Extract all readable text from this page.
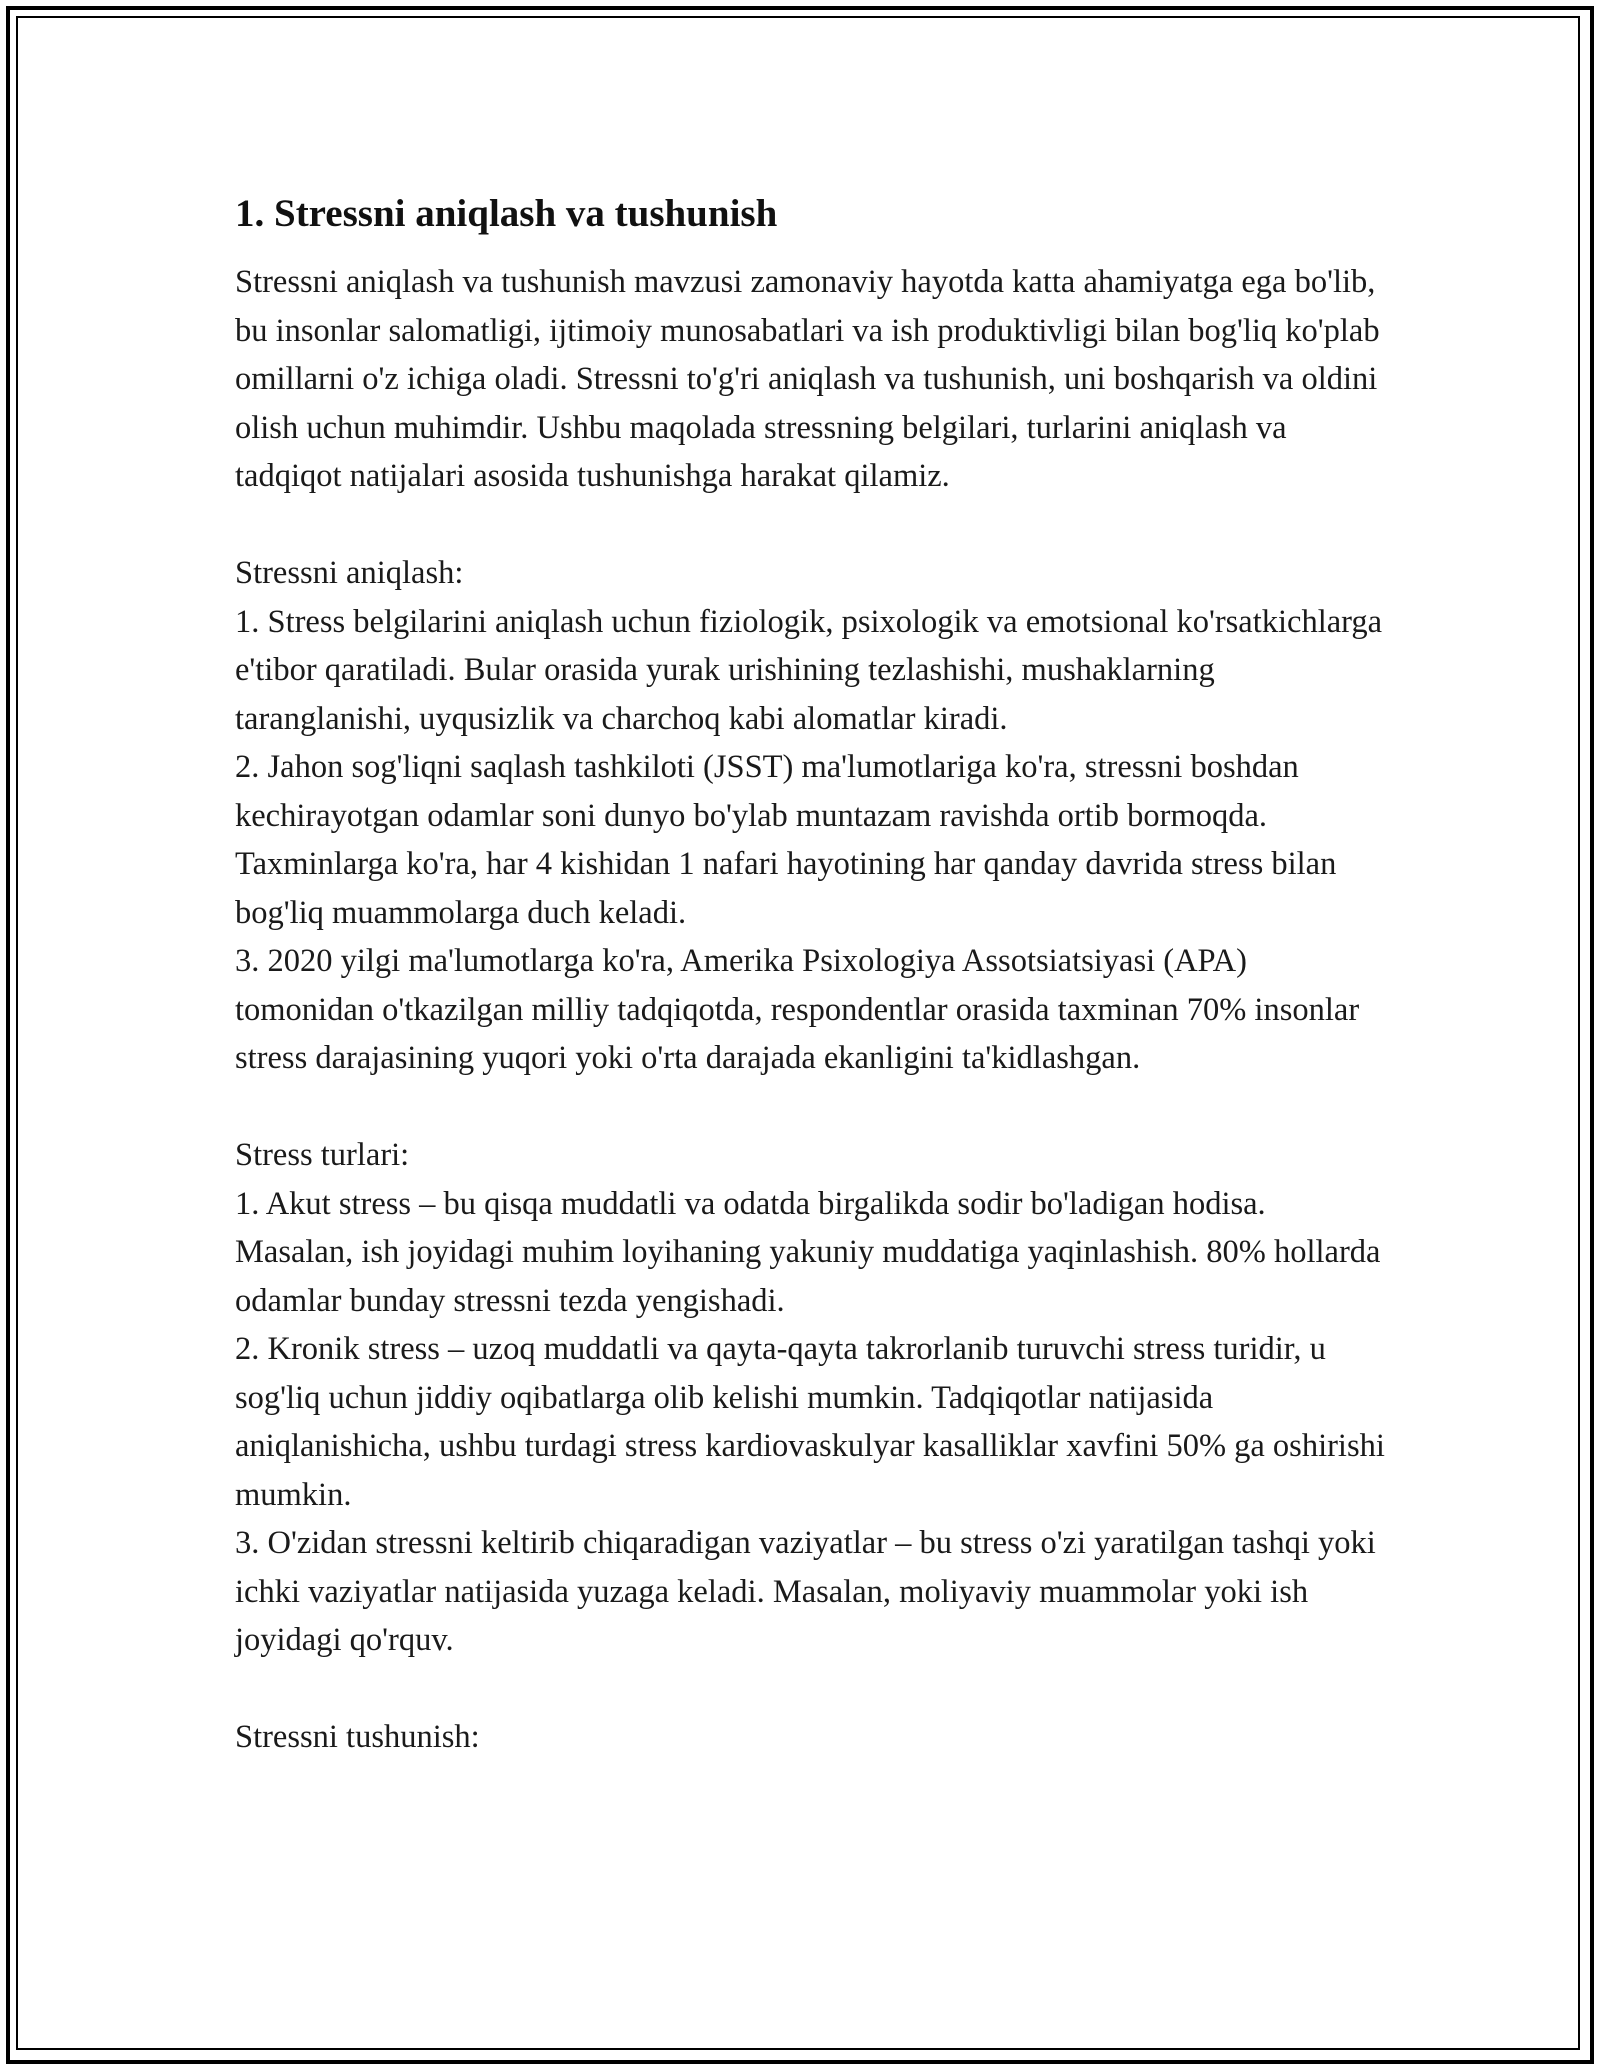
1. Stressni aniqlash va tushunish

Stressni aniqlash va tushunish mavzusi zamonaviy hayotda katta ahamiyatga ega bo'lib, bu insonlar salomatligi, ijtimoiy munosabatlari va ish produktivligi bilan bog'liq ko'plab omillarni o'z ichiga oladi. Stressni to'g'ri aniqlash va tushunish, uni boshqarish va oldini olish uchun muhimdir. Ushbu maqolada stressning belgilari, turlarini aniqlash va tadqiqot natijalari asosida tushunishga harakat qilamiz.

Stressni aniqlash:
1. Stress belgilarini aniqlash uchun fiziologik, psixologik va emotsional ko'rsatkichlarga e'tibor qaratiladi. Bular orasida yurak urishining tezlashishi, mushaklarning taranglanishi, uyqusizlik va charchoq kabi alomatlar kiradi.
2. Jahon sog'liqni saqlash tashkiloti (JSST) ma'lumotlariga ko'ra, stressni boshdan kechirayotgan odamlar soni dunyo bo'ylab muntazam ravishda ortib bormoqda. Taxminlarga ko'ra, har 4 kishidan 1 nafari hayotining har qanday davrida stress bilan bog'liq muammolarga duch keladi.
3. 2020 yilgi ma'lumotlarga ko'ra, Amerika Psixologiya Assotsiatsiyasi (APA) tomonidan o'tkazilgan milliy tadqiqotda, respondentlar orasida taxminan 70% insonlar stress darajasining yuqori yoki o'rta darajada ekanligini ta'kidlashgan.

Stress turlari:
1. Akut stress – bu qisqa muddatli va odatda birgalikda sodir bo'ladigan hodisa. Masalan, ish joyidagi muhim loyihaning yakuniy muddatiga yaqinlashish. 80% hollarda odamlar bunday stressni tezda yengishadi.
2. Kronik stress – uzoq muddatli va qayta-qayta takrorlanib turuvchi stress turidir, u sog'liq uchun jiddiy oqibatlarga olib kelishi mumkin. Tadqiqotlar natijasida aniqlanishicha, ushbu turdagi stress kardiovaskulyar kasalliklar xavfini 50% ga oshirishi mumkin.
3. O'zidan stressni keltirib chiqaradigan vaziyatlar – bu stress o'zi yaratilgan tashqi yoki ichki vaziyatlar natijasida yuzaga keladi. Masalan, moliyaviy muammolar yoki ish joyidagi qo'rquv.

Stressni tushunish:
